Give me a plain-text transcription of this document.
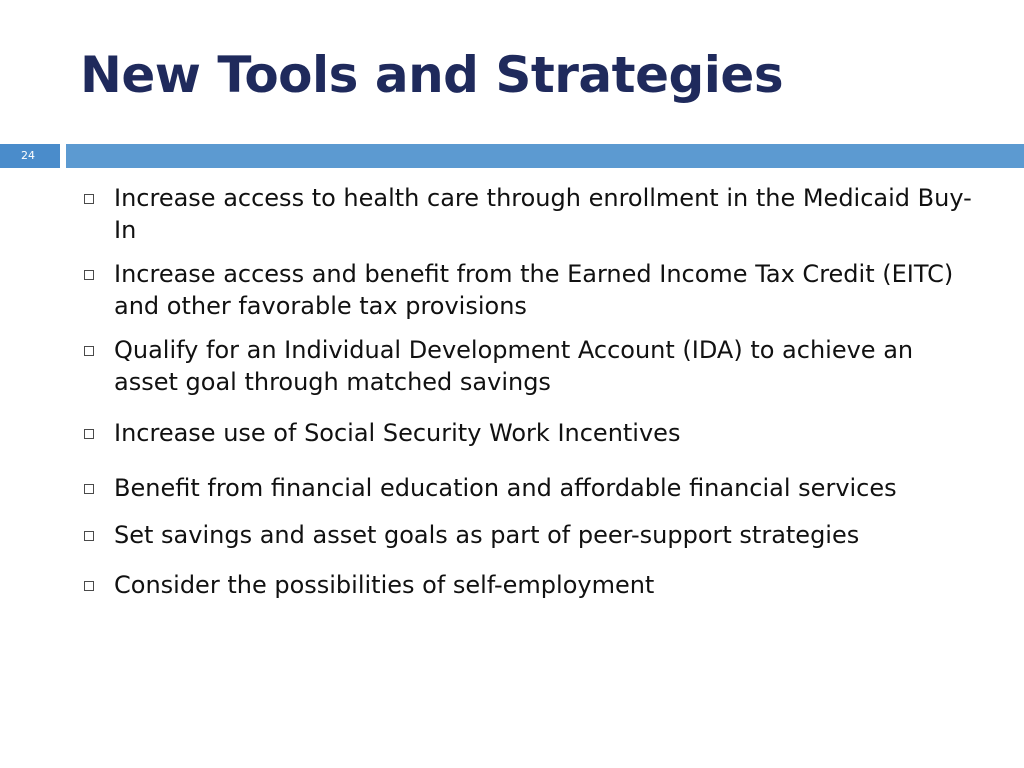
New Tools and Strategies
24
Increase access to health care through enrollment in the Medicaid Buy-In
Increase access and benefit from the Earned Income Tax Credit (EITC) and other favorable tax provisions
Qualify for an Individual Development Account (IDA) to achieve an asset goal through matched savings
Increase use of Social Security Work Incentives
Benefit from financial education and affordable financial services
Set savings and asset goals as part of peer-support strategies
Consider the possibilities of self-employment
